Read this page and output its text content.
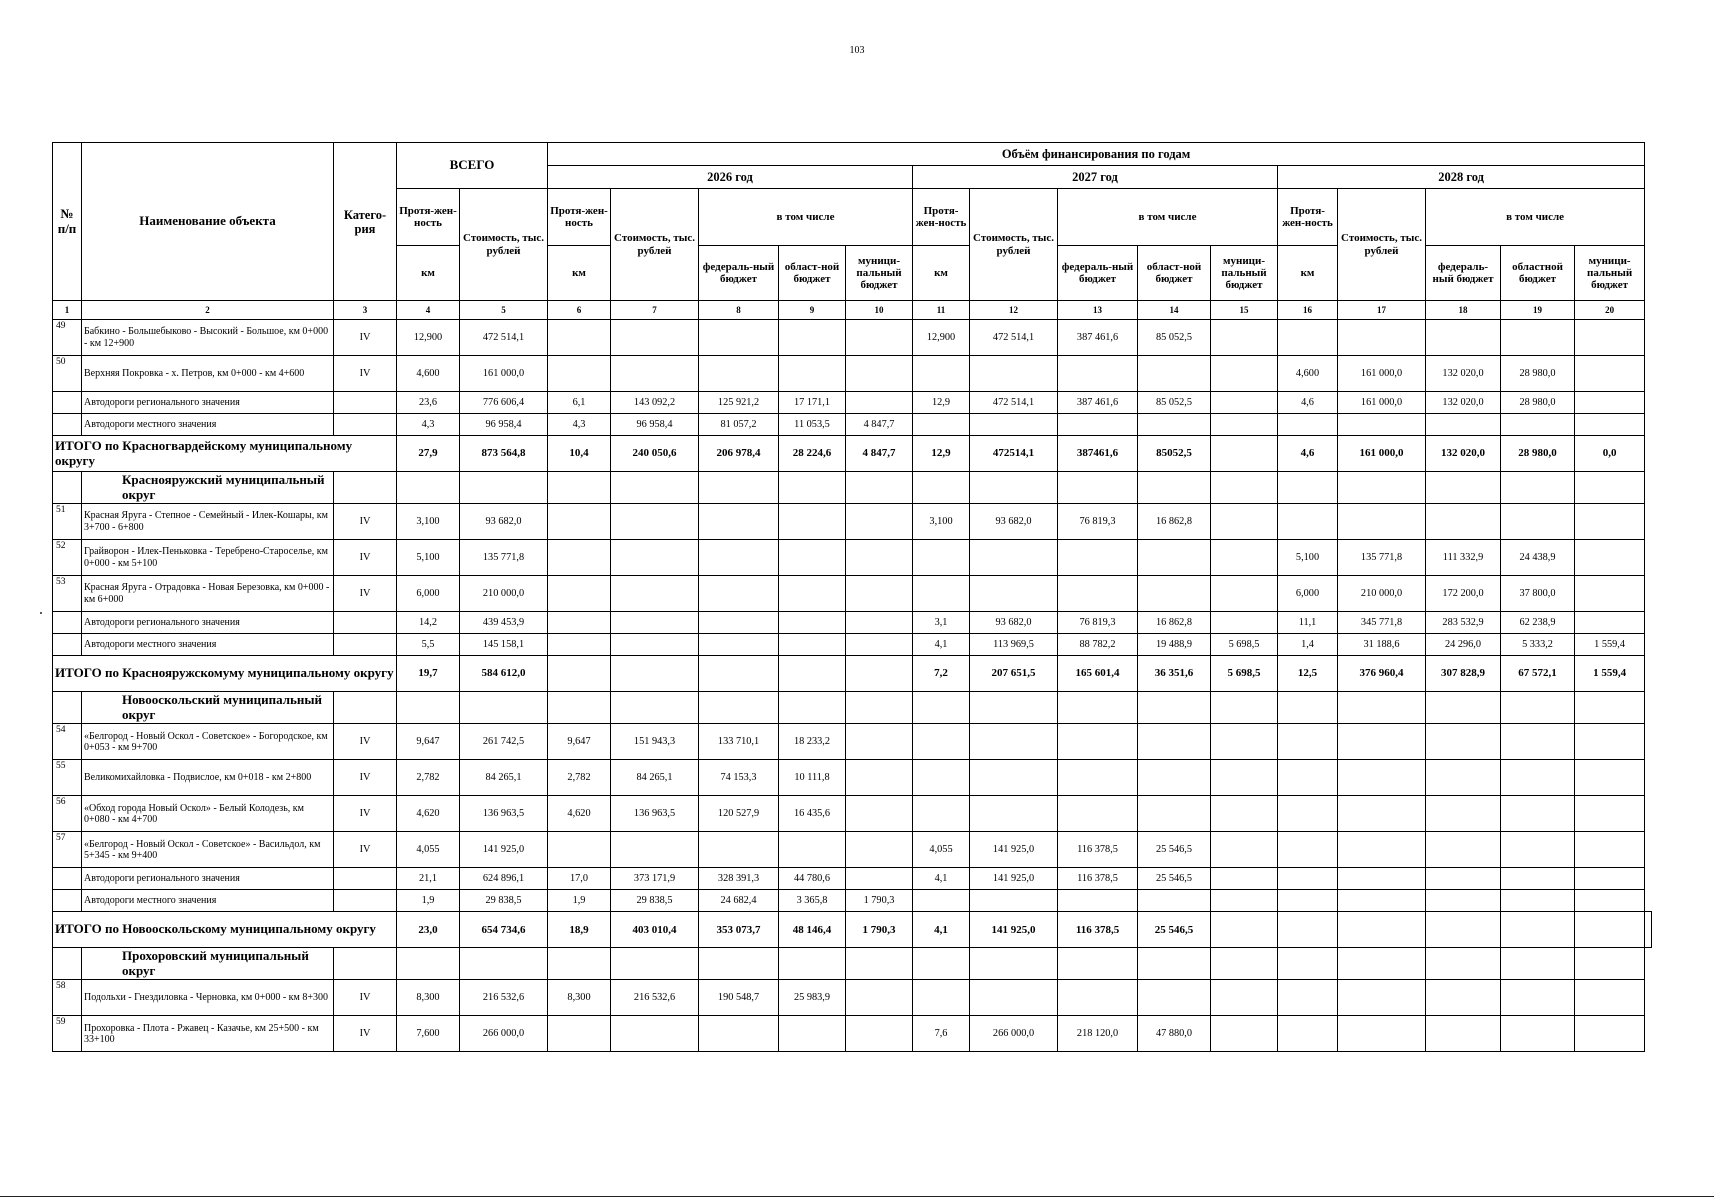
103
№ п/п	Наименование объекта	Катего-рия	ВСЕГО		Объём финансирования по годам															
					2026 год					2027 год					2028 год					
			Протя-жен-ность	Стоимость, тыс. рублей	Протя-жен-ность	Стоимость, тыс. рублей	в том числе			Протя-жен-ность	Стоимость, тыс. рублей	в том числе			Протя-жен-ность	Стоимость, тыс. рублей	в том числе			
			км		км		федераль-ный бюджет	област-ной бюджет	муници-пальный бюджет	км		федераль-ный бюджет	област-ной бюджет	муници-пальный бюджет	км		федераль-ный бюджет	областной бюджет	муници-пальный бюджет	
1	2	3	4	5	6	7	8	9	10	11	12	13	14	15	16	17	18	19	20	
49	Бабкино - Большебыково - Высокий - Большое, км 0+000 - км 12+900	IV	12,900	472 514,1						12,900	472 514,1	387 461,6	85 052,5							
50	Верхняя Покровка - х. Петров, км 0+000 - км 4+600	IV	4,600	161 000,0											4,600	161 000,0	132 020,0	28 980,0		
	Автодороги регионального значения		23,6	776 606,4	6,1	143 092,2	125 921,2	17 171,1		12,9	472 514,1	387 461,6	85 052,5		4,6	161 000,0	132 020,0	28 980,0		
	Автодороги местного значения		4,3	96 958,4	4,3	96 958,4	81 057,2	11 053,5	4 847,7											
ИТОГО по Красногвардейскому муниципальному округу			27,9	873 564,8	10,4	240 050,6	206 978,4	28 224,6	4 847,7	12,9	472514,1	387461,6	85052,5		4,6	161 000,0	132 020,0	28 980,0	0,0	
	Краснояружский муниципальный округ																			
51	Красная Яруга - Степное - Семейный - Илек-Кошары, км 3+700 - 6+800	IV	3,100	93 682,0						3,100	93 682,0	76 819,3	16 862,8							
52	Грайворон - Илек-Пеньковка - Теребрено-Староселье, км 0+000 - км 5+100	IV	5,100	135 771,8											5,100	135 771,8	111 332,9	24 438,9		
53	Красная Яруга - Отрадовка - Новая Березовка, км 0+000 - км 6+000	IV	6,000	210 000,0											6,000	210 000,0	172 200,0	37 800,0		
	Автодороги регионального значения		14,2	439 453,9						3,1	93 682,0	76 819,3	16 862,8		11,1	345 771,8	283 532,9	62 238,9		
	Автодороги местного значения		5,5	145 158,1						4,1	113 969,5	88 782,2	19 488,9	5 698,5	1,4	31 188,6	24 296,0	5 333,2	1 559,4	
ИТОГО по Краснояружскомуму муниципальному округу			19,7	584 612,0						7,2	207 651,5	165 601,4	36 351,6	5 698,5	12,5	376 960,4	307 828,9	67 572,1	1 559,4	
	Новооскольский муниципальный округ																			
54	«Белгород - Новый Оскол - Советское» - Богородское, км 0+053 - км 9+700	IV	9,647	261 742,5	9,647	151 943,3	133 710,1	18 233,2												
55	Великомихайловка - Подвислое, км 0+018 - км 2+800	IV	2,782	84 265,1	2,782	84 265,1	74 153,3	10 111,8												
56	«Обход города Новый Оскол» - Белый Колодезь, км 0+080 - км 4+700	IV	4,620	136 963,5	4,620	136 963,5	120 527,9	16 435,6												
57	«Белгород - Новый Оскол - Советское» - Васильдол, км 5+345 - км 9+400	IV	4,055	141 925,0						4,055	141 925,0	116 378,5	25 546,5							
	Автодороги регионального значения		21,1	624 896,1	17,0	373 171,9	328 391,3	44 780,6		4,1	141 925,0	116 378,5	25 546,5							
	Автодороги местного значения		1,9	29 838,5	1,9	29 838,5	24 682,4	3 365,8	1 790,3											
ИТОГО по Новооскольскому муниципальному округу			23,0	654 734,6	18,9	403 010,4	353 073,7	48 146,4	1 790,3	4,1	141 925,0	116 378,5	25 546,5							
	Прохоровский муниципальный округ																			
58	Подольхи - Гнездиловка - Черновка, км 0+000 - км 8+300	IV	8,300	216 532,6	8,300	216 532,6	190 548,7	25 983,9												
59	Прохоровка - Плота - Ржавец - Казачье, км 25+500 - км 33+100	IV	7,600	266 000,0						7,6	266 000,0	218 120,0	47 880,0							
